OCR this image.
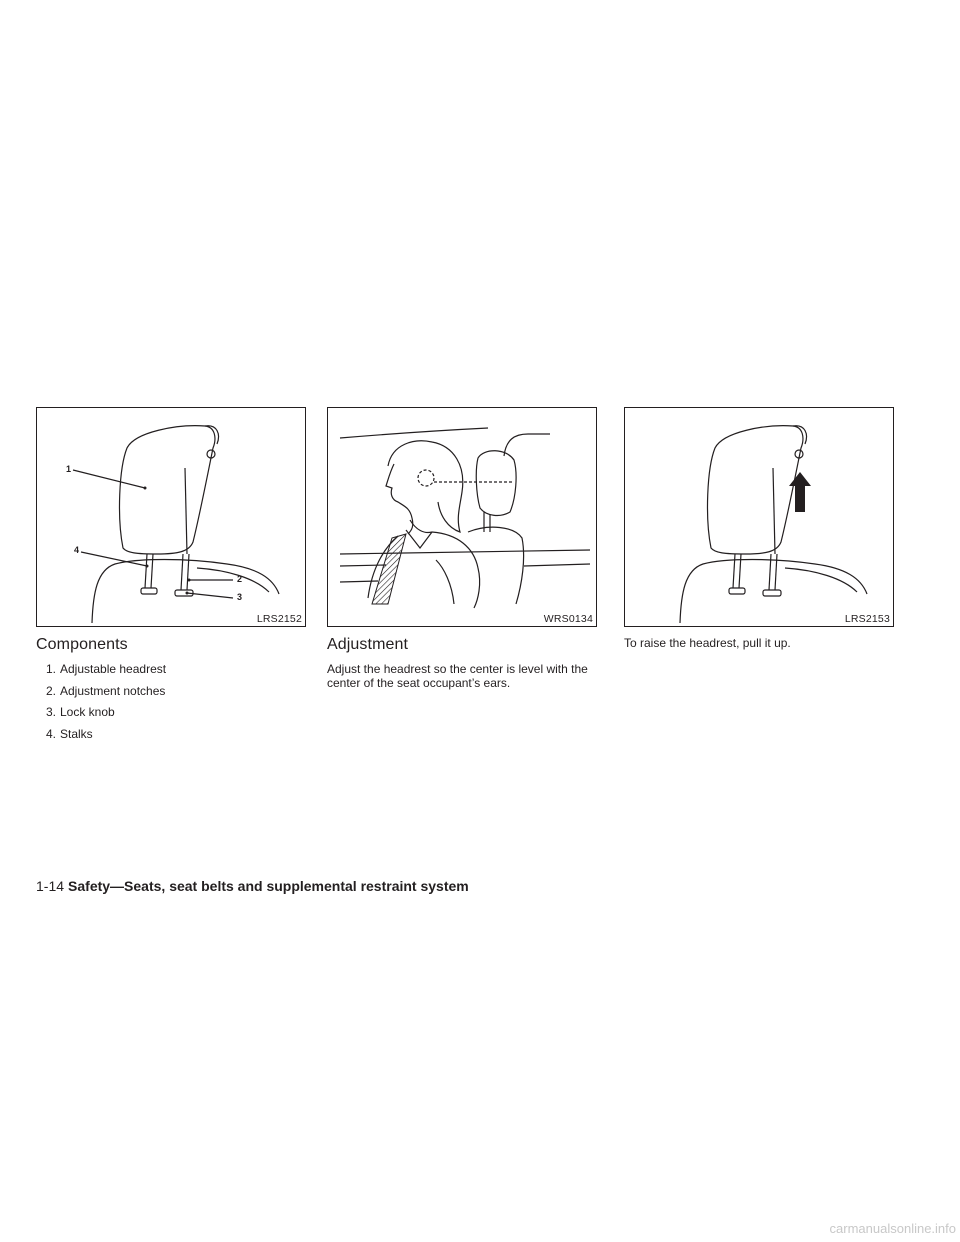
1
4
2
3
LRS2152	WRS0134	LRS2153
Components
1. Adjustable headrest
2. Adjustment notches
3. Lock knob
4. Stalks
Adjustment

Adjust the headrest so the center is level with the center of the seat occupant’s ears.

To raise the headrest, pull it up.

1-14 Safety—Seats, seat belts and supplemental restraint system
carmanualsonline.info
